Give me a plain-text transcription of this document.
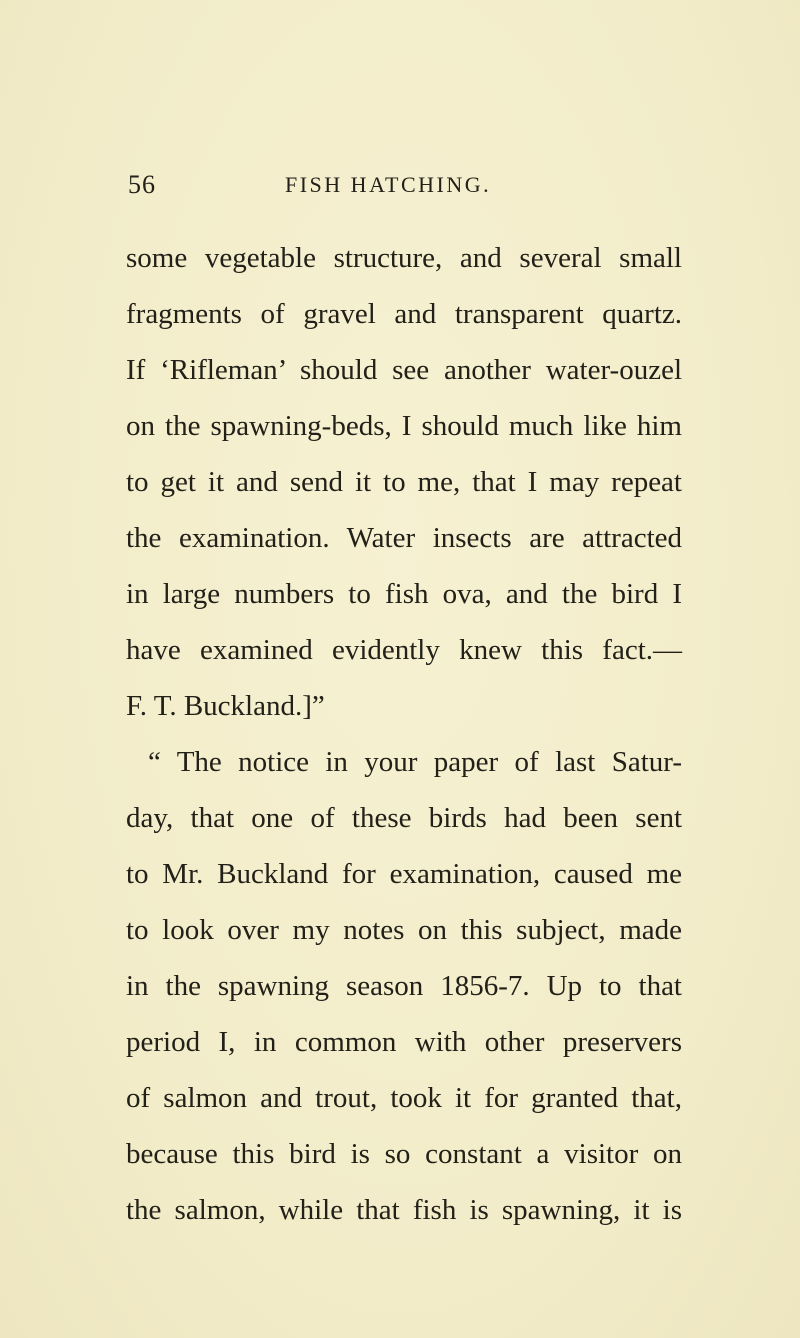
56	FISH HATCHING.
some vegetable structure, and several small
fragments of gravel and transparent quartz.
If ‘Rifleman’ should see another water-ouzel
on the spawning-beds, I should much like him
to get it and send it to me, that I may repeat
the examination. Water insects are attracted
in large numbers to fish ova, and the bird I
have examined evidently knew this fact.—
F. T. Buckland.]”
“ The notice in your paper of last Satur-
day, that one of these birds had been sent
to Mr. Buckland for examination, caused me
to look over my notes on this subject, made
in the spawning season 1856-7. Up to that
period I, in common with other preservers
of salmon and trout, took it for granted that,
because this bird is so constant a visitor on
the salmon, while that fish is spawning, it is
